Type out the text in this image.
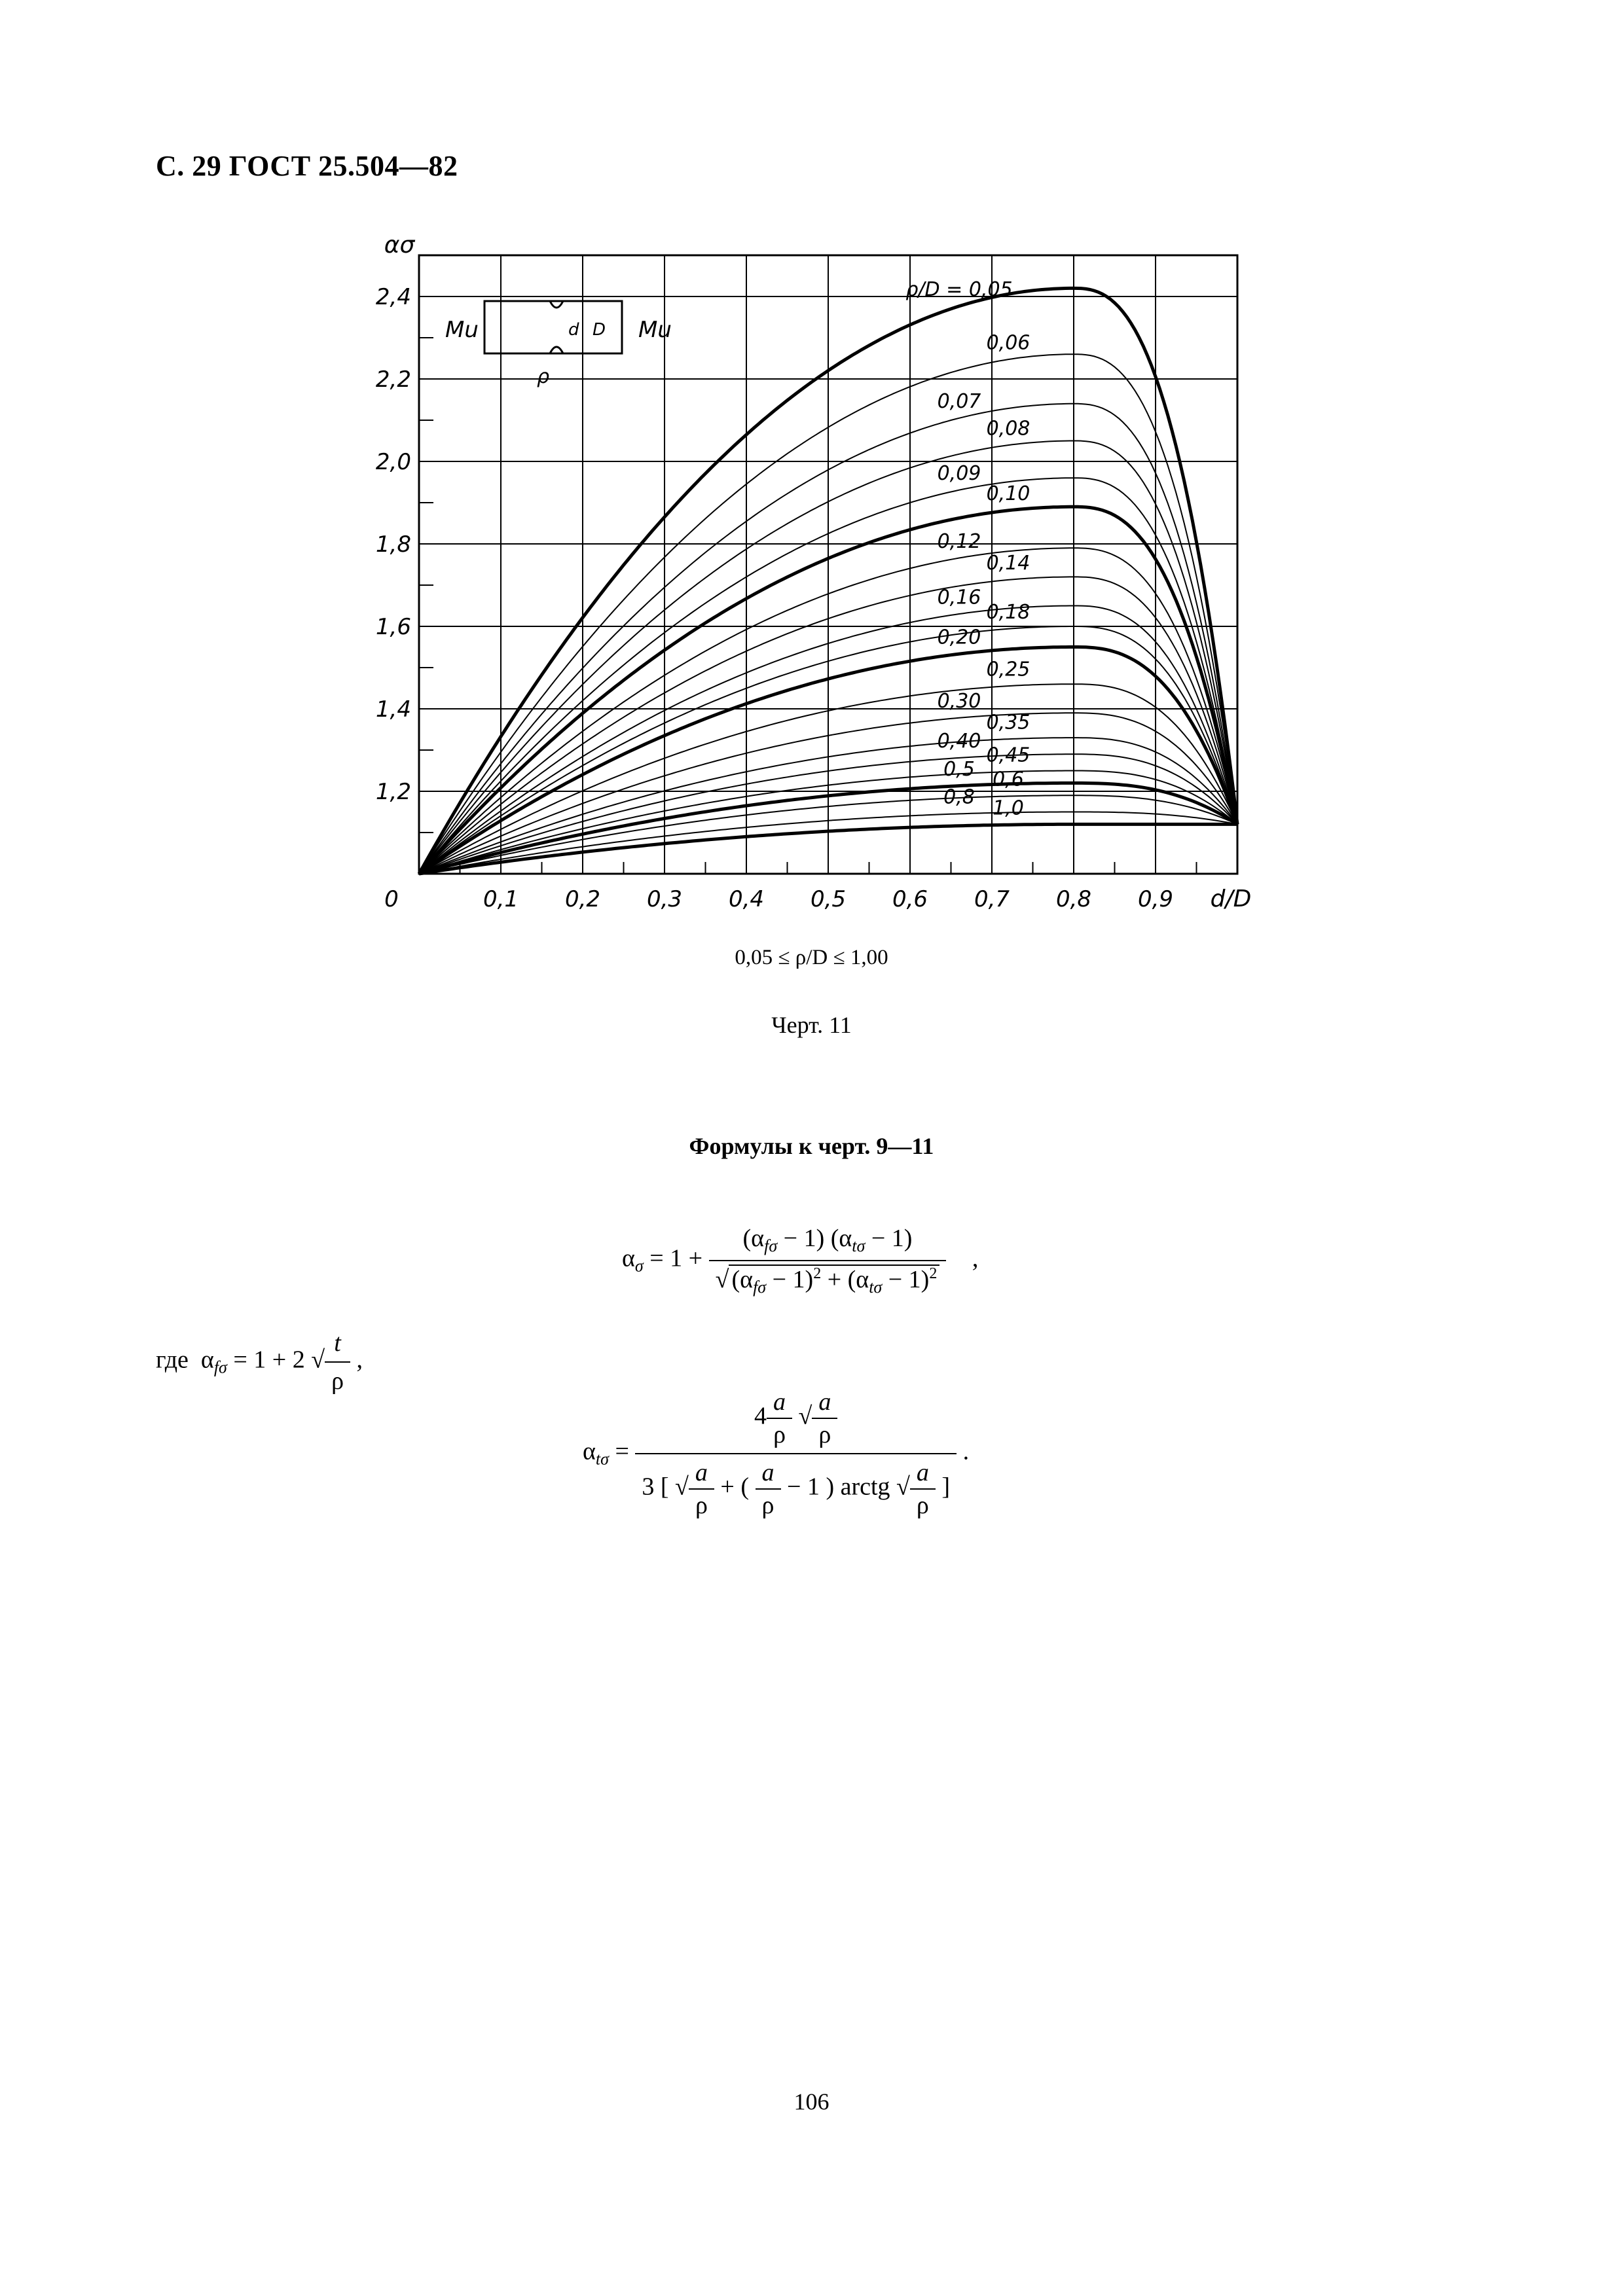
С. 29 ГОСТ 25.504—82
0,1 0,2 0,3 0,4 0,5 0,6 0,7 0,8 0,9 d/D
0
1,2
1,4
1,6
1,8
2,0
2,2
2,4
ασ
ρ/D = 0,05
0,06
0,07
0,08
0,09
0,10
0,12
0,14
0,16
0,18
0,20
0,25
0,30
0,35
0,40
0,45
0,5 0,6
0,8 1,0
Mu	Mu
d D
ρ
0,05 ≤ ρ/D ≤ 1,00
Черт. 11
Формулы к черт. 9—11
$\alpha_\sigma = 1 + \frac{(\alpha_{f\sigma} - 1) (\alpha_{t\sigma} - 1)}{√ (\alpha_{f\sigma} - 1)^2 + (\alpha_{t\sigma} - 1)^2}$ ,
где  $\alpha_{f\sigma} = 1 + 2$ √ $\frac{t}{\rho}$ ,
$\alpha_{t\sigma} = \frac{4 \frac{a}{\rho} √ \frac{a}{\rho}}{3 [ √ \frac{a}{\rho} + ( \frac{a}{\rho} - 1 ) arctg √ \frac{a}{\rho} ]}$ .
106
